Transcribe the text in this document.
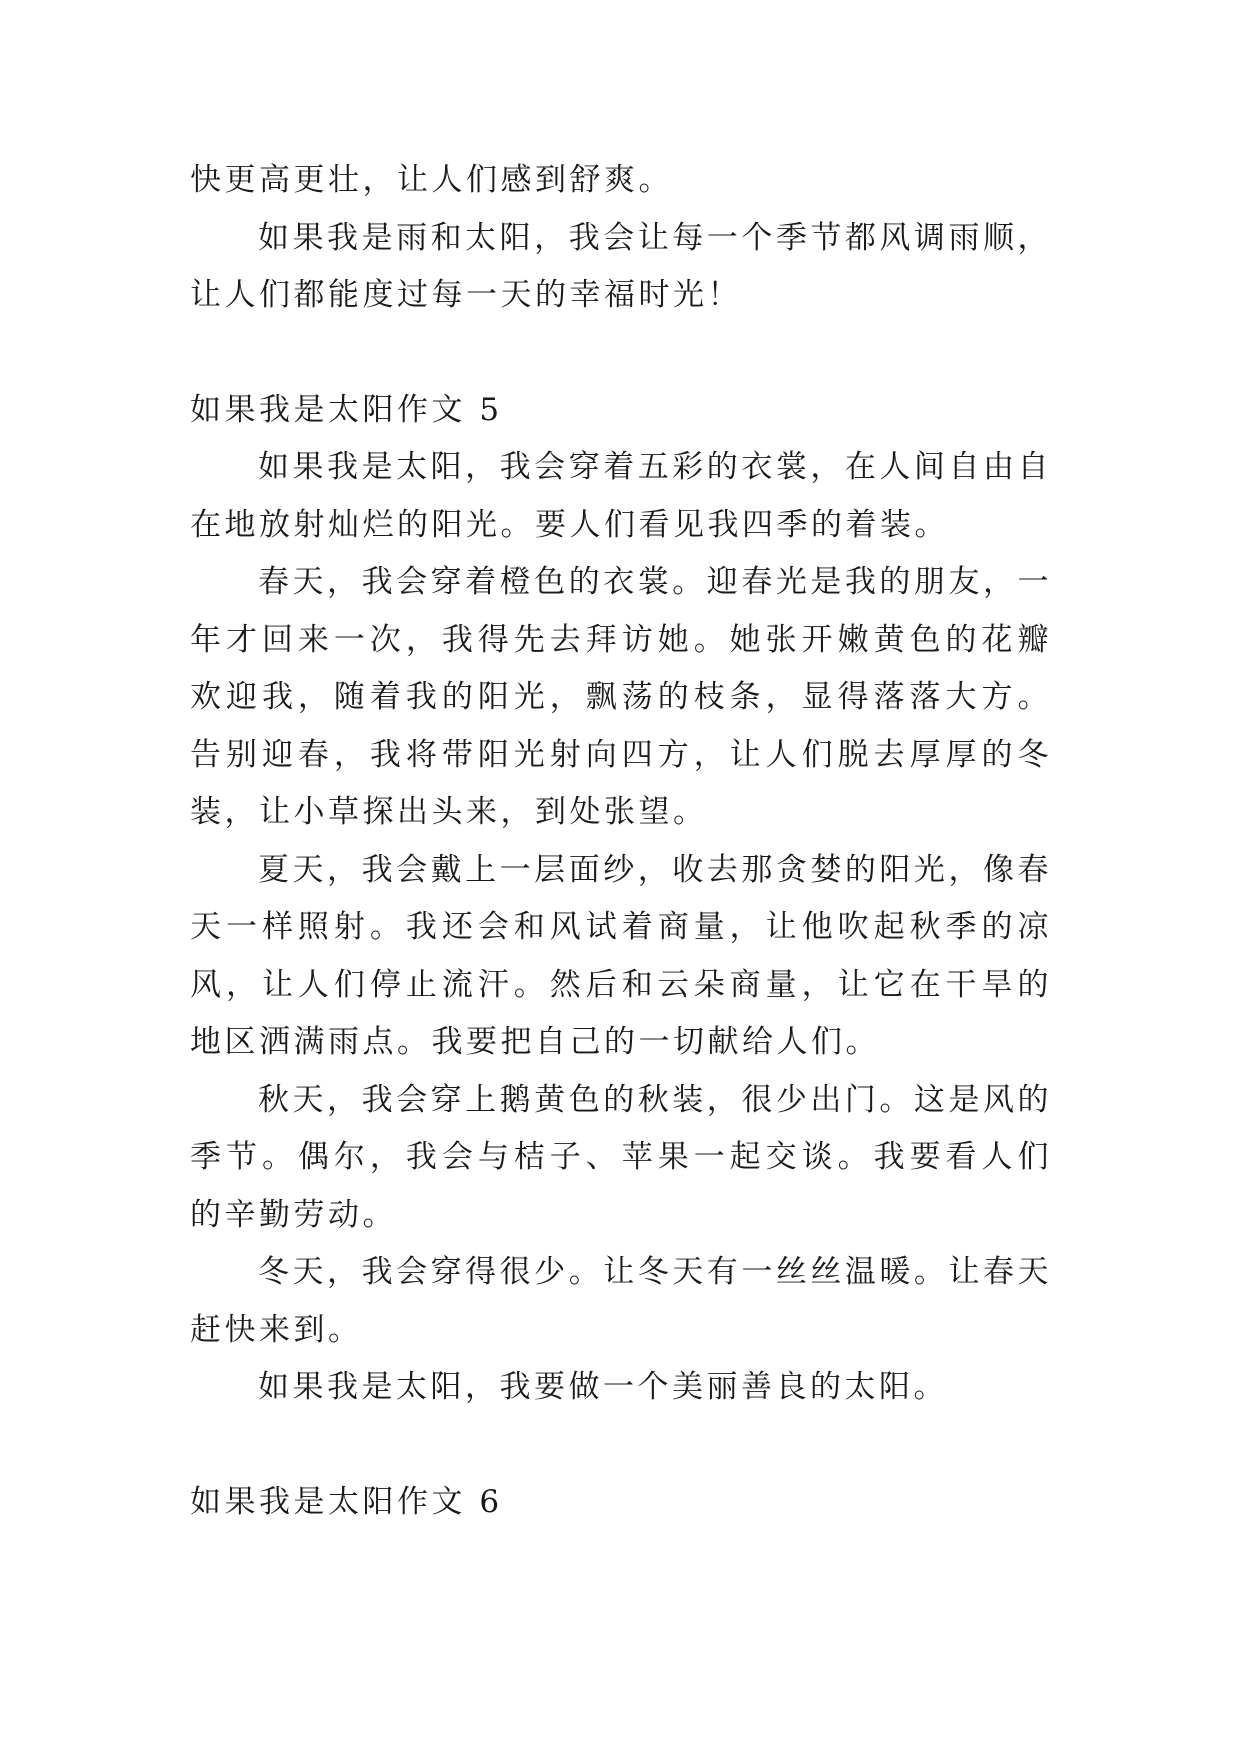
快更高更壮，让人们感到舒爽。

如果我是雨和太阳，我会让每一个季节都风调雨顺，让人们都能度过每一天的幸福时光！

如果我是太阳作文 5

如果我是太阳，我会穿着五彩的衣裳，在人间自由自在地放射灿烂的阳光。要人们看见我四季的着装。

春天，我会穿着橙色的衣裳。迎春光是我的朋友，一年才回来一次，我得先去拜访她。她张开嫩黄色的花瓣欢迎我，随着我的阳光，飘荡的枝条，显得落落大方。告别迎春，我将带阳光射向四方，让人们脱去厚厚的冬装，让小草探出头来，到处张望。

夏天，我会戴上一层面纱，收去那贪婪的阳光，像春天一样照射。我还会和风试着商量，让他吹起秋季的凉风，让人们停止流汗。然后和云朵商量，让它在干旱的地区洒满雨点。我要把自己的一切献给人们。

秋天，我会穿上鹅黄色的秋装，很少出门。这是风的季节。偶尔，我会与桔子、苹果一起交谈。我要看人们的辛勤劳动。

冬天，我会穿得很少。让冬天有一丝丝温暖。让春天赶快来到。

如果我是太阳，我要做一个美丽善良的太阳。

如果我是太阳作文 6
